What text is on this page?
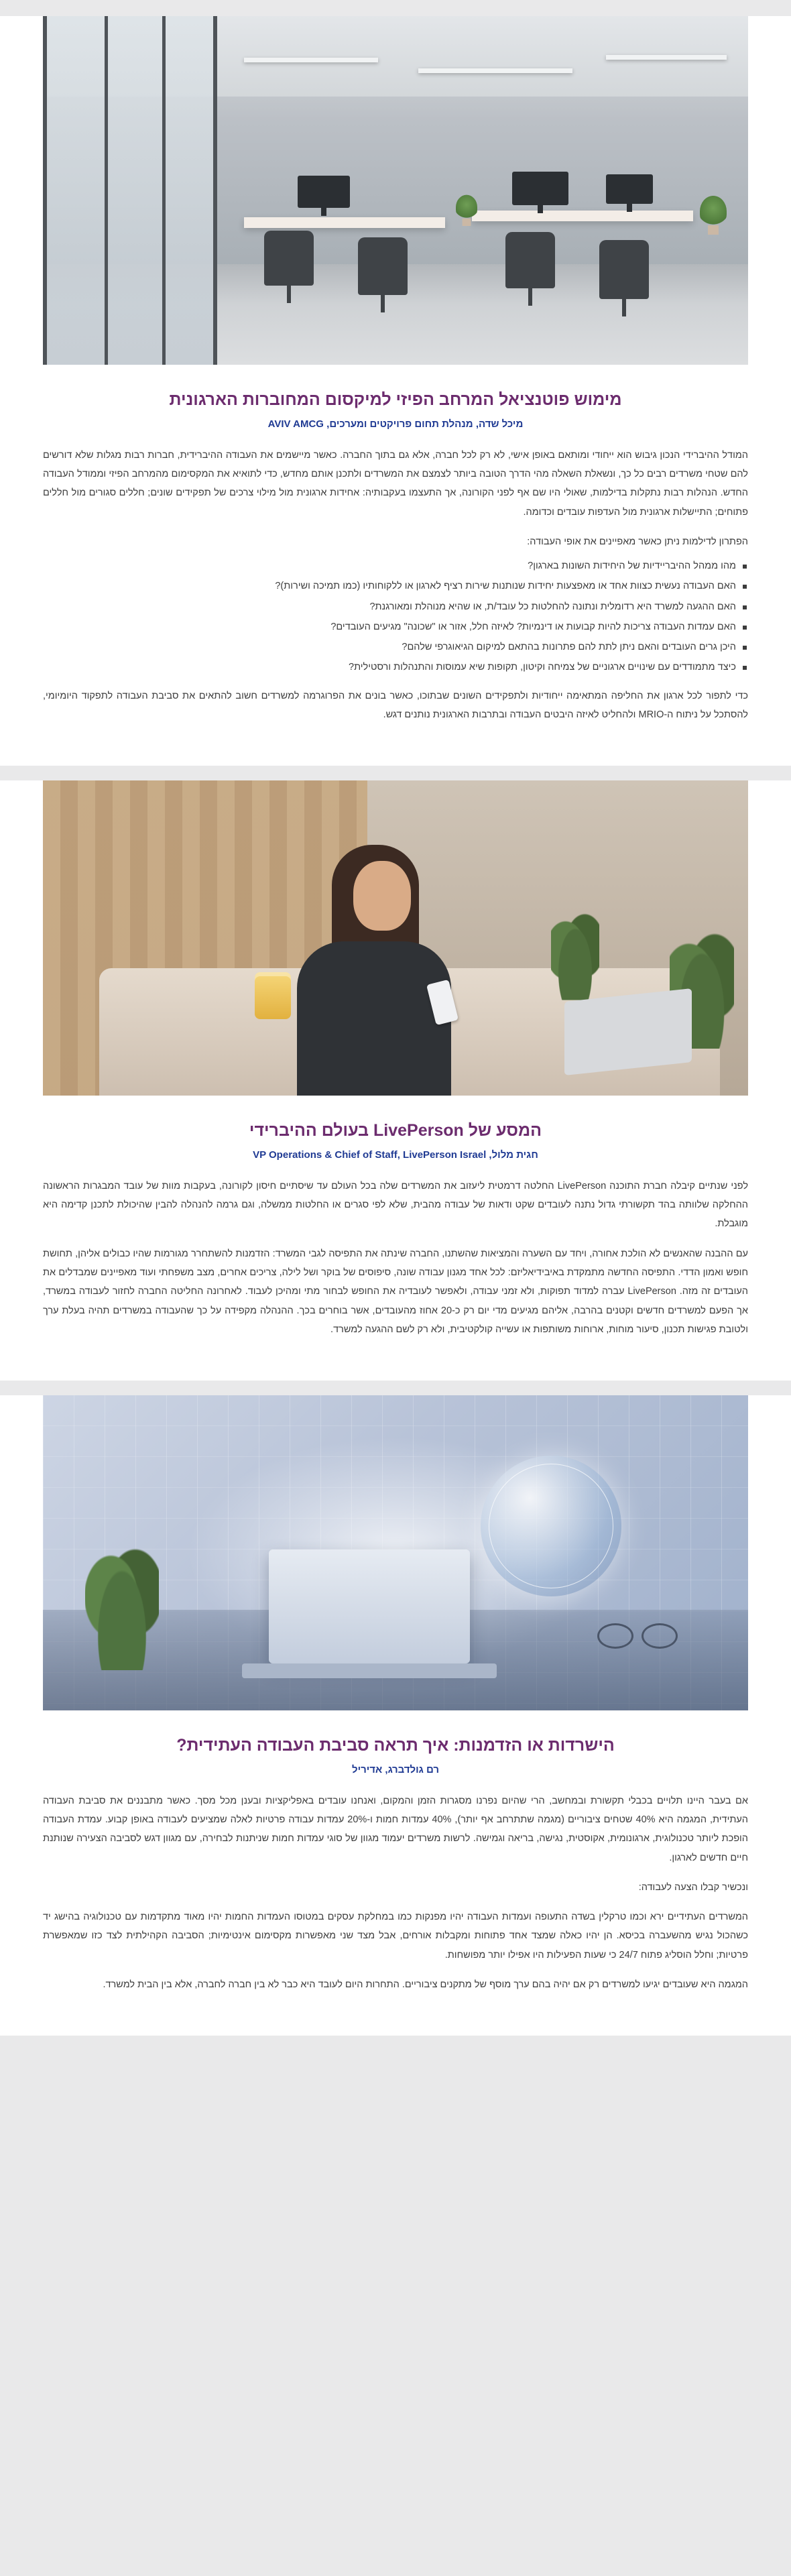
מימוש פוטנציאל המרחב הפיזי למיקסום המחוברות הארגונית
מיכל שדה, מנהלת תחום פרויקטים ומערכים, AVIV AMCG

המודל ההיברידי הנכון גיבוש הוא ייחודי ומותאם באופן אישי, לא רק לכל חברה, אלא גם בתוך החברה. כאשר מיישמים את העבודה ההיברידית, חברות רבות מגלות שלא דורשים להם שטחי משרדים רבים כל כך, ונשאלת השאלה מהי הדרך הטובה ביותר לצמצם את המשרדים ולתכנן אותם מחדש, כדי לתואיא את המקסימום מהמרחב הפיזי וממודל העבודה החדש. הנהלות רבות נתקלות בדילמות, שאולי היו שם אף לפני הקורונה, אך התעצמו בעקבותיה: אחידות ארגונית מול מילוי צרכים של תפקידים שונים; חללים סגורים מול חללים פתוחים; התיישלות ארגונית מול העדפות עובדים וכדומה.

הפתרון לדילמות ניתן כאשר מאפיינים את אופי העבודה:

מהו ממהל ההיבריידיות של היחידות השונות בארגון?
האם העבודה נעשית כצוות אחד או מאפצעות יחידות שנותנות שירות רציף לארגון או ללקוחותיו (כמו תמיכה ושירות)?
האם ההגעה למשרד היא רדומלית ונתונה להחלטות כל עובד/ת, או שהיא מנוהלת ומאורגנת?
האם עמדות העבודה צריכות להיות קבועות או דינמיות? לאיזה חלל, אזור או "שכונה" מגיעים העובדים?
היכן גרים העובדים והאם ניתן לתת להם פתרונות בהתאם למיקום הגיאוגרפי שלהם?
כיצד מתמודדים עם שינויים ארגוניים של צמיחה וקיטון, תקופות שיא עמוסות והתנהלות ורסטילית?

כדי לתפור לכל ארגון את החליפה המתאימה ייחודיות ולתפקידים השונים שבתוכו, כאשר בונים את הפרוגרמה למשרדים חשוב להתאים את סביבת העבודה לתפקוד היומיומי, להסתכל על ניתוח ה-MRIO ולהחליט לאיזה היבטים העבודה ובתרבות הארגונית נותנים דגש.

המסע של LivePerson בעולם ההיברידי
חגית מלול, VP Operations & Chief of Staff, LivePerson Israel

לפני שנתיים קיבלה חברת התוכנה LivePerson החלטה דרמטית ליעזוב את המשרדים שלה בכל העולם עד שיסתיים חיסון לקורונה, בעקבות מוות של עובד המבגרות הראשונה ההחלקה שלוותה בהד תקשורתי גדול נתנה לעובדים שקט ודאות של עבודה מהבית, שלא לפי סגרים או החלטות ממשלה, וגם גרמה להנהלה להבין שהיכולת לתכנן קדימה היא מוגבלת.

עם ההבנה שהאנשים לא הולכת אחורה, ויחד עם השערה והמציאות שהשתנו, החברה שינתה את התפיסה לגבי המשרד: הזדמנות להשתחרר מגורמות שהיו כבולים אליהן, תחושת חופש ואמון הדדי. התפיסה החדשה מתמקדת באיבידיאליזם: לכל אחד מגנון עבודה שונה, סיפוסים של בוקר ושל לילה, צריכים אחרים, מצב משפחתי ועוד מאפיינים שמבדלים את העובדים זה מזה. LivePerson עברה למדוד תפוקות, ולא זמני עבודה, ולאפשר לעובדיה את החופש לבחור מתי ומהיכן לעבוד. לאחרונה החליטה החברה לחזור לעבודה במשרד, אך הפעם למשרדים חדשים וקטנים בהרבה, אליהם מגיעים מדי יום רק כ-20 אחוז מהעובדים, אשר בוחרים בכך. ההנהלה מקפידה על כך שהעבודה במשרדים תהיה בעלת ערך ולטובת פגישות תכנון, סיעור מוחות, ארוחות משותפות או עשייה קולקטיבית, ולא רק לשם ההגעה למשרד.

הישרדות או הזדמנות: איך תראה סביבת העבודה העתידית?
רם גולדברג, אדיריל

אם בעבר היינו תלויים בכבלי תקשורת ובמחשב, הרי שהיום נפרנו מסגרות הזמן והמקום, ואנחנו עובדים באפליקציות ובענן מכל מסך. כאשר מתבננים את סביבת העבודה העתידית, המגמה היא 40% שטחים ציבוריים (מגמה שתתרחב אף יותר), 40% עמדות חמות ו-20% עמדות עבודה פרטיות לאלה שמציעים לעבודה באופן קבוע. עמדת העבודה הופכת ליותר טכנולוגית, ארגונומית, אקוסטית, נגישה, בריאה וגמישה. לרשות משרדים יעמוד מגוון של סוגי עמדות חמות שניתנות לבחירה, עם מגוון דגש לסביבה הצעירה שנותנת חיים חדשים לארגון.

ונכשיר קבלו הצעה לעבודה:

המשרדים העתידיים ירא וכמו טרקלין בשדה התעופה ועמדות העבודה יהיו מפנקות כמו במחלקת עסקים במטוסו העמדות החמות יהיו מאוד מתקדמות עם טכנולוגיה בהישג יד כשהכול נגיש מהשעברה בכיסא. הן יהיו כאלה שמצד אחד פתוחות ומקבלות אורחים, אבל מצד שני מאפשרות מקסימום אינטימיות; הסביבה הקהילתית לצד כזו שמאפשרת פרטיות; וחלל הוסליג פתוח 24/7 כי שעות הפעילות היו אפילו יותר מפושחות.

המגמה היא שעובדים יגיעו למשרדים רק אם יהיה בהם ערך מוסף של מתקנים ציבוריים. התחרות היום לעובד היא כבר לא בין חברה לחברה, אלא בין הבית למשרד.
